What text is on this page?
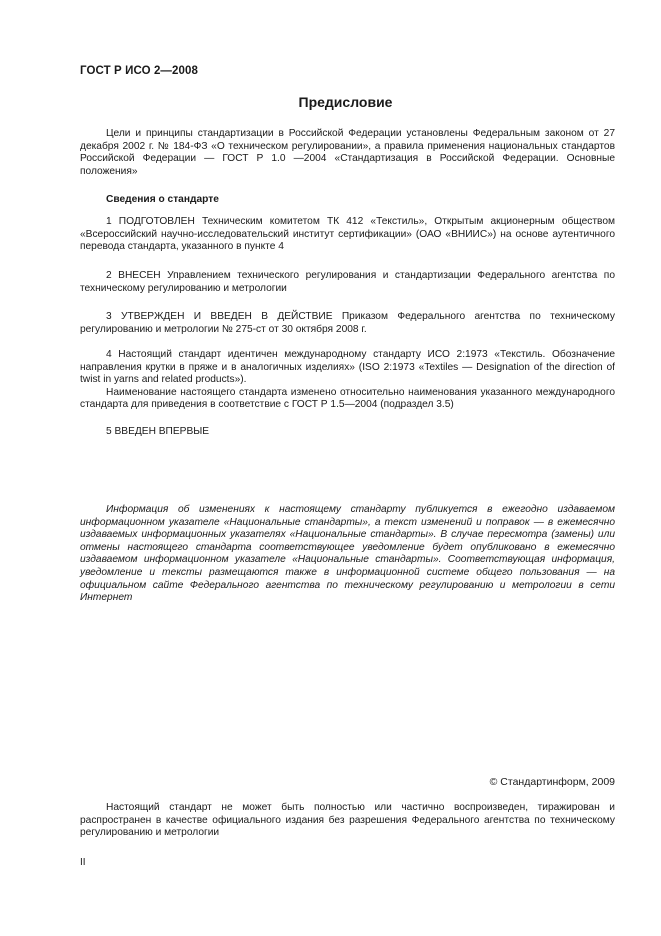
ГОСТ Р ИСО 2—2008
Предисловие

Цели и принципы стандартизации в Российской Федерации установлены Федеральным законом от 27 декабря 2002 г. № 184-ФЗ «О техническом регулировании», а правила применения национальных стандартов Российской Федерации — ГОСТ Р 1.0 —2004 «Стандартизация в Российской Федерации. Основные положения»

Сведения о стандарте

1 ПОДГОТОВЛЕН Техническим комитетом ТК 412 «Текстиль», Открытым акционерным обществом «Всероссийский научно-исследовательский институт сертификации» (ОАО «ВНИИС») на основе аутентичного перевода стандарта, указанного в пункте 4

2 ВНЕСЕН Управлением технического регулирования и стандартизации Федерального агентства по техническому регулированию и метрологии

3 УТВЕРЖДЕН И ВВЕДЕН В ДЕЙСТВИЕ Приказом Федерального агентства по техническому регулированию и метрологии № 275-ст от 30 октября 2008 г.

4 Настоящий стандарт идентичен международному стандарту ИСО 2:1973 «Текстиль. Обозначение направления крутки в пряже и в аналогичных изделиях» (ISO 2:1973 «Textiles — Designation of the direction of twist in yarns and related products»).

Наименование настоящего стандарта изменено относительно наименования указанного международного стандарта для приведения в соответствие с ГОСТ Р 1.5—2004 (подраздел 3.5)

5 ВВЕДЕН ВПЕРВЫЕ

Информация об изменениях к настоящему стандарту публикуется в ежегодно издаваемом информационном указателе «Национальные стандарты», а текст изменений и поправок — в ежемесячно издаваемых информационных указателях «Национальные стандарты». В случае пересмотра (замены) или отмены настоящего стандарта соответствующее уведомление будет опубликовано в ежемесячно издаваемом информационном указателе «Национальные стандарты». Соответствующая информация, уведомление и тексты размещаются также в информационной системе общего пользования — на официальном сайте Федерального агентства по техническому регулированию и метрологии в сети Интернет

© Стандартинформ, 2009

Настоящий стандарт не может быть полностью или частично воспроизведен, тиражирован и распространен в качестве официального издания без разрешения Федерального агентства по техническому регулированию и метрологии

II
